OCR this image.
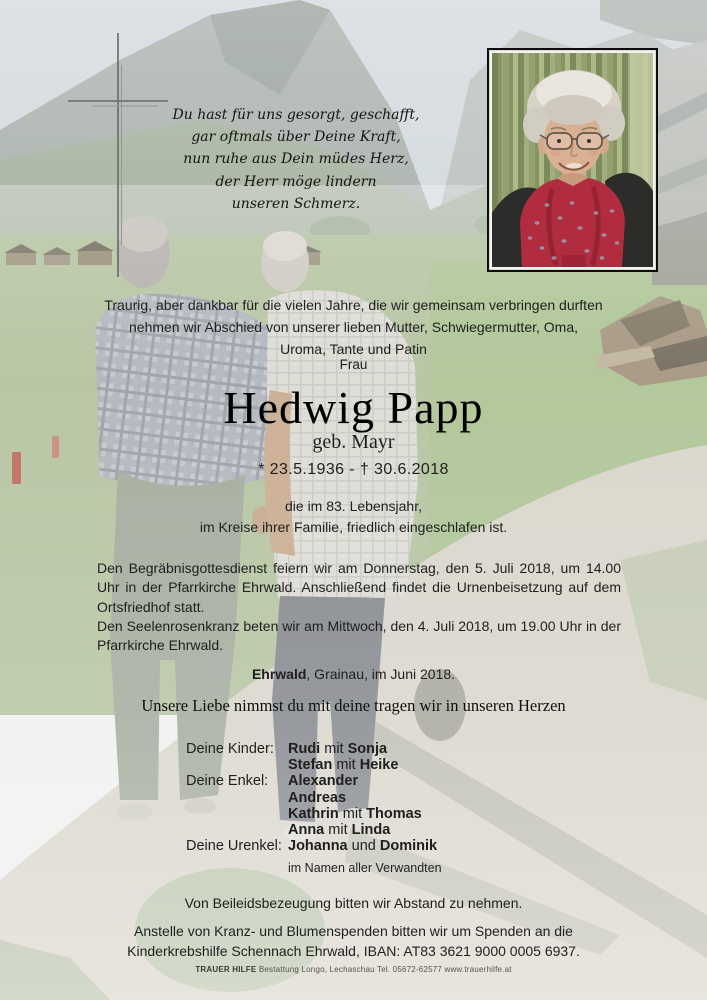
Du hast für uns gesorgt, geschafft,
gar oftmals über Deine Kraft,
nun ruhe aus Dein müdes Herz,
der Herr möge lindern
unseren Schmerz.
Traurig, aber dankbar für die vielen Jahre, die wir gemeinsam verbringen durften
nehmen wir Abschied von unserer lieben Mutter, Schwiegermutter, Oma,
Uroma, Tante und Patin
Frau
Hedwig Papp
geb. Mayr
* 23.5.1936 - † 30.6.2018
die im 83. Lebensjahr,
im Kreise ihrer Familie, friedlich eingeschlafen ist.
Den Begräbnisgottesdienst feiern wir am Donnerstag, den 5. Juli 2018, um 14.00 Uhr in der Pfarrkirche Ehrwald. Anschließend findet die Urnenbeisetzung auf dem Ortsfriedhof statt.
Den Seelenrosenkranz beten wir am Mittwoch, den 4. Juli 2018, um 19.00 Uhr in der Pfarrkirche Ehrwald.
Ehrwald, Grainau, im Juni 2018.
Unsere Liebe nimmst du mit deine tragen wir in unseren Herzen
Deine Kinder: Rudi mit Sonja
Stefan mit Heike
Deine Enkel:	Alexander
Andreas
Kathrin mit Thomas
Anna mit Linda
Deine Urenkel: Johanna und Dominik
im Namen aller Verwandten
Von Beileidsbezeugung bitten wir Abstand zu nehmen.
Anstelle von Kranz- und Blumenspenden bitten wir um Spenden an die
Kinderkrebshilfe Schennach Ehrwald, IBAN: AT83 3621 9000 0005 6937.
TRAUER HILFE Bestattung Longo, Lechaschau Tel. 05672-62577 www.trauerhilfe.at
